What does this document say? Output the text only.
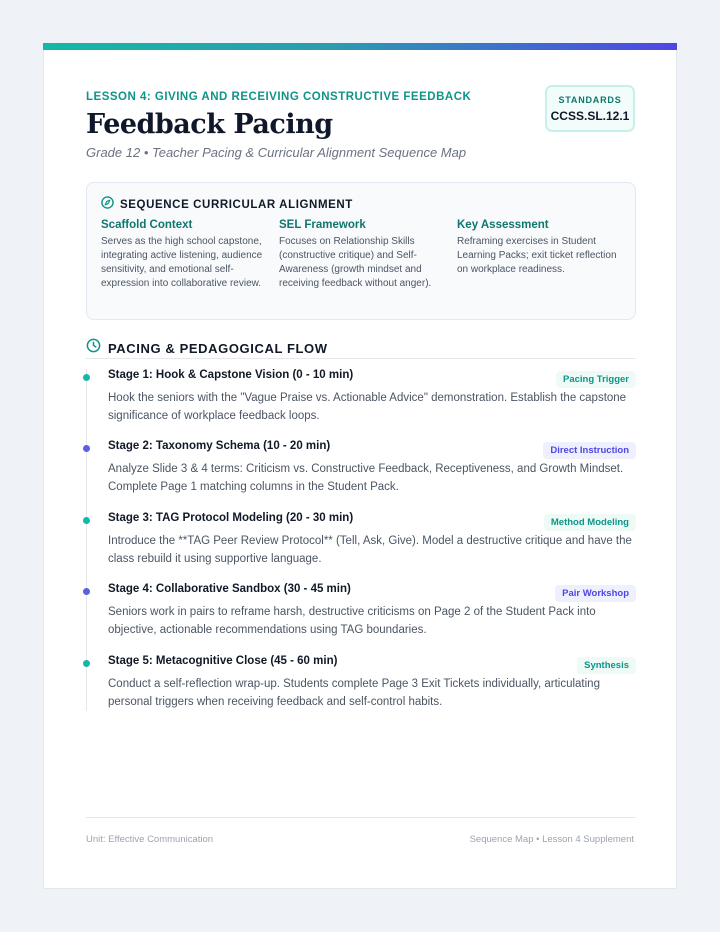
LESSON 4: GIVING AND RECEIVING CONSTRUCTIVE FEEDBACK
Feedback Pacing
Grade 12 • Teacher Pacing & Curricular Alignment Sequence Map
STANDARDS
CCSS.SL.12.1
SEQUENCE CURRICULAR ALIGNMENT
Scaffold Context
Serves as the high school capstone, integrating active listening, audience sensitivity, and emotional self-expression into collaborative review.
SEL Framework
Focuses on Relationship Skills (constructive critique) and Self-Awareness (growth mindset and receiving feedback without anger).
Key Assessment
Reframing exercises in Student Learning Packs; exit ticket reflection on workplace readiness.
PACING & PEDAGOGICAL FLOW
Stage 1: Hook & Capstone Vision (0 - 10 min)	Pacing Trigger
Hook the seniors with the "Vague Praise vs. Actionable Advice" demonstration. Establish the capstone significance of workplace feedback loops.
Stage 2: Taxonomy Schema (10 - 20 min)	Direct Instruction
Analyze Slide 3 & 4 terms: Criticism vs. Constructive Feedback, Receptiveness, and Growth Mindset. Complete Page 1 matching columns in the Student Pack.
Stage 3: TAG Protocol Modeling (20 - 30 min)	Method Modeling
Introduce the **TAG Peer Review Protocol** (Tell, Ask, Give). Model a destructive critique and have the class rebuild it using supportive language.
Stage 4: Collaborative Sandbox (30 - 45 min)	Pair Workshop
Seniors work in pairs to reframe harsh, destructive criticisms on Page 2 of the Student Pack into objective, actionable recommendations using TAG boundaries.
Stage 5: Metacognitive Close (45 - 60 min)	Synthesis
Conduct a self-reflection wrap-up. Students complete Page 3 Exit Tickets individually, articulating personal triggers when receiving feedback and self-control habits.
Unit: Effective Communication	Sequence Map • Lesson 4 Supplement
